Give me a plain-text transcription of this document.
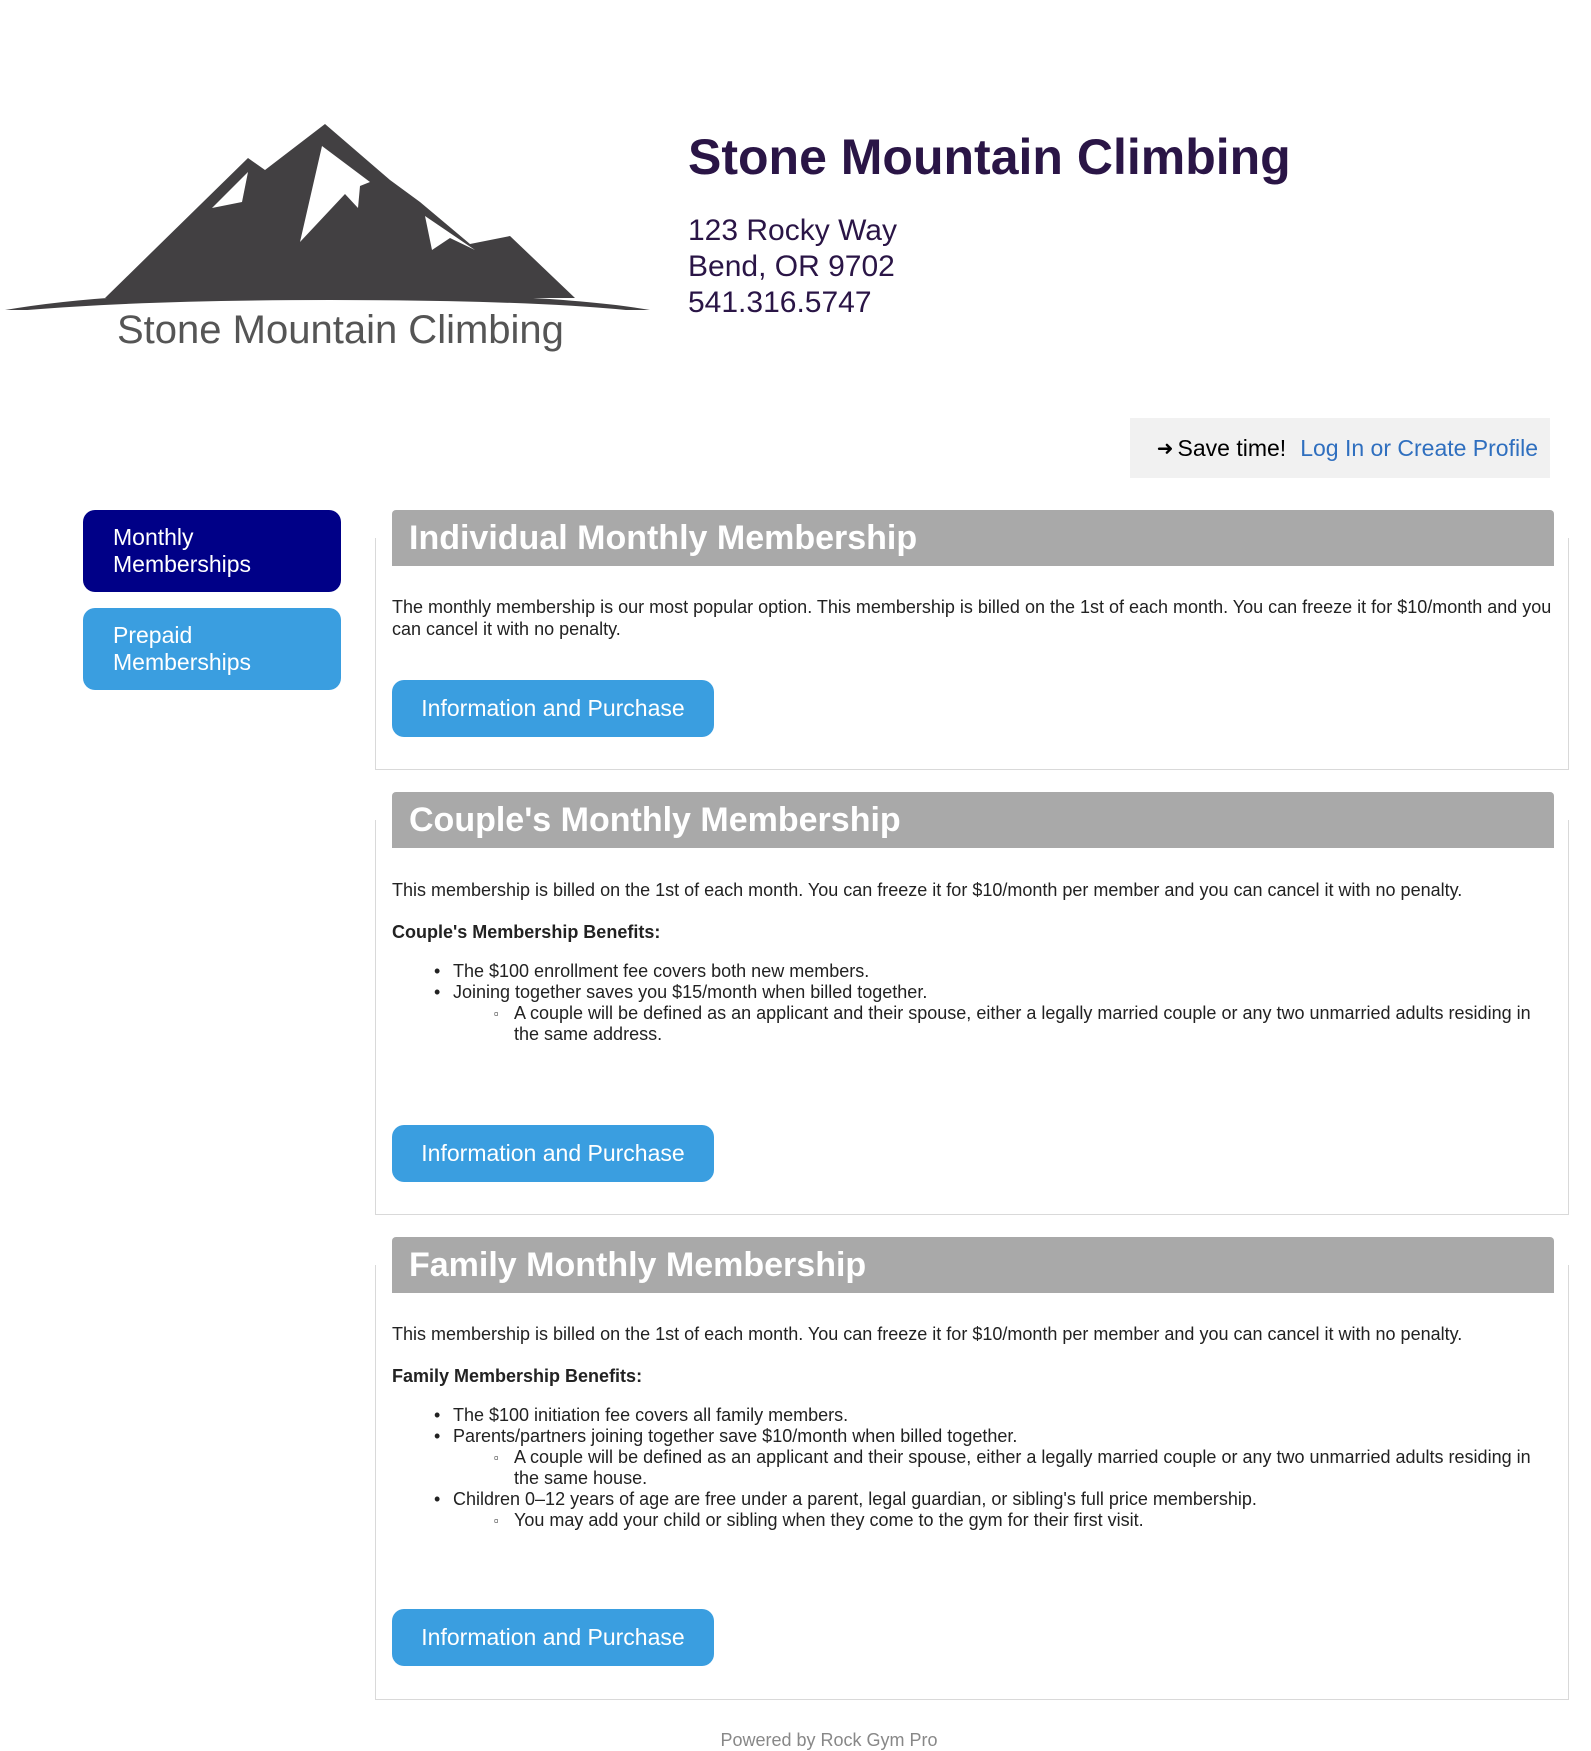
Stone Mountain Climbing
Stone Mountain Climbing
123 Rocky Way
Bend, OR 9702
541.316.5747
➜ Save time! Log In or Create Profile
Monthly Memberships
Prepaid Memberships
Individual Monthly Membership
The monthly membership is our most popular option. This membership is billed on the 1st of each month. You can freeze it for $10/month and you can cancel it with no penalty.
Information and Purchase
Couple's Monthly Membership
This membership is billed on the 1st of each month. You can freeze it for $10/month per member and you can cancel it with no penalty.
Couple's Membership Benefits:
• The $100 enrollment fee covers both new members.
• Joining together saves you $15/month when billed together.
▫ A couple will be defined as an applicant and their spouse, either a legally married couple or any two unmarried adults residing in the same address.
Information and Purchase
Family Monthly Membership
This membership is billed on the 1st of each month. You can freeze it for $10/month per member and you can cancel it with no penalty.
Family Membership Benefits:
• The $100 initiation fee covers all family members.
• Parents/partners joining together save $10/month when billed together.
▫ A couple will be defined as an applicant and their spouse, either a legally married couple or any two unmarried adults residing in the same house.
• Children 0–12 years of age are free under a parent, legal guardian, or sibling's full price membership.
▫ You may add your child or sibling when they come to the gym for their first visit.
Information and Purchase
Powered by Rock Gym Pro
